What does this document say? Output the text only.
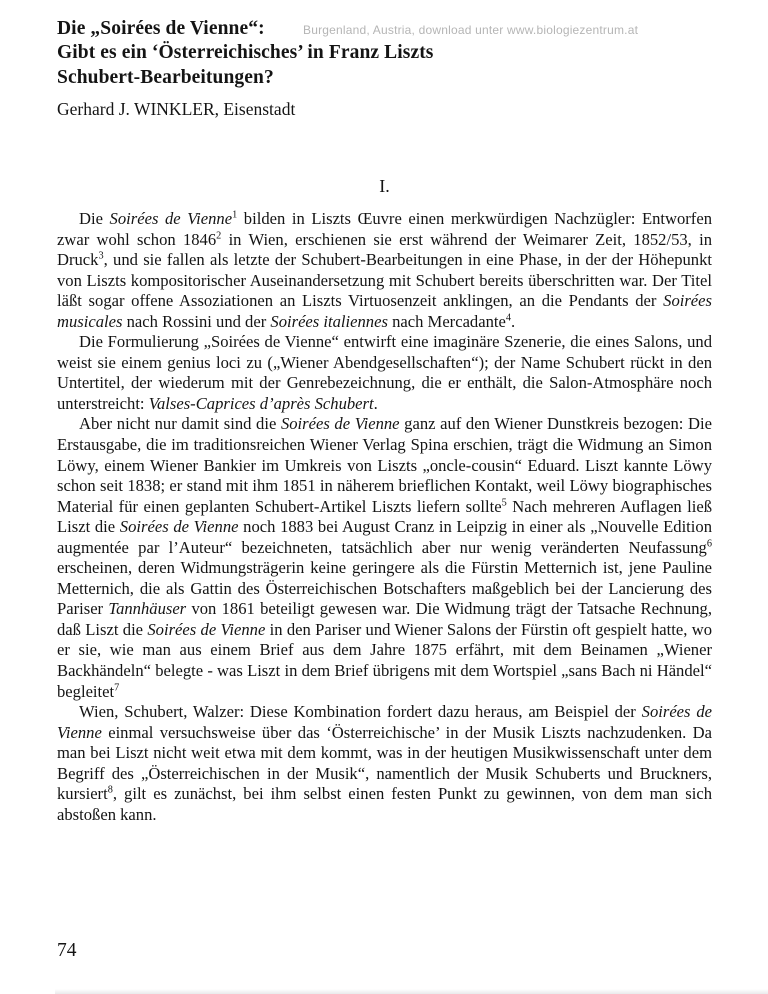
Burgenland, Austria, download unter www.biologiezentrum.at
Die „Soirées de Vienne“:
Gibt es ein ‘Österreichisches’ in Franz Liszts
Schubert-Bearbeitungen?
Gerhard J. WINKLER, Eisenstadt
I.

Die Soirées de Vienne$^1$ bilden in Liszts Œuvre einen merkwürdigen Nachzügler: Entworfen zwar wohl schon 1846$^2$ in Wien, erschienen sie erst während der Weimarer Zeit, 1852/53, in Druck$^3$, und sie fallen als letzte der Schubert-Bearbeitungen in eine Phase, in der der Höhepunkt von Liszts kompositorischer Auseinandersetzung mit Schubert bereits überschritten war. Der Titel läßt sogar offene Assoziationen an Liszts Virtuosenzeit anklingen, an die Pendants der Soirées musicales nach Rossini und der Soirées italiennes nach Mercadante$^4$.

Die Formulierung „Soirées de Vienne“ entwirft eine imaginäre Szenerie, die eines Salons, und weist sie einem genius loci zu („Wiener Abendgesellschaften“); der Name Schubert rückt in den Untertitel, der wiederum mit der Genrebezeichnung, die er enthält, die Salon-Atmosphäre noch unterstreicht: Valses-Caprices d’après Schubert.

Aber nicht nur damit sind die Soirées de Vienne ganz auf den Wiener Dunstkreis bezogen: Die Erstausgabe, die im traditionsreichen Wiener Verlag Spina erschien, trägt die Widmung an Simon Löwy, einem Wiener Bankier im Umkreis von Liszts „oncle-cousin“ Eduard. Liszt kannte Löwy schon seit 1838; er stand mit ihm 1851 in näherem brieflichen Kontakt, weil Löwy biographisches Material für einen geplanten Schubert-Artikel Liszts liefern sollte$^5$ Nach mehreren Auflagen ließ Liszt die Soirées de Vienne noch 1883 bei August Cranz in Leipzig in einer als „Nouvelle Edition augmentée par l’Auteur“ bezeichneten, tatsächlich aber nur wenig veränderten Neufassung$^6$ erscheinen, deren Widmungsträgerin keine geringere als die Fürstin Metternich ist, jene Pauline Metternich, die als Gattin des Österreichischen Botschafters maßgeblich bei der Lancierung des Pariser Tannhäuser von 1861 beteiligt gewesen war. Die Widmung trägt der Tatsache Rechnung, daß Liszt die Soirées de Vienne in den Pariser und Wiener Salons der Fürstin oft gespielt hatte, wo er sie, wie man aus einem Brief aus dem Jahre 1875 erfährt, mit dem Beinamen „Wiener Backhändeln“ belegte - was Liszt in dem Brief übrigens mit dem Wortspiel „sans Bach ni Händel“ begleitet$^7$

Wien, Schubert, Walzer: Diese Kombination fordert dazu heraus, am Beispiel der Soirées de Vienne einmal versuchsweise über das ‘Österreichische’ in der Musik Liszts nachzudenken. Da man bei Liszt nicht weit etwa mit dem kommt, was in der heutigen Musikwissenschaft unter dem Begriff des „Österreichischen in der Musik“, namentlich der Musik Schuberts und Bruckners, kursiert$^8$, gilt es zunächst, bei ihm selbst einen festen Punkt zu gewinnen, von dem man sich abstoßen kann.

74
